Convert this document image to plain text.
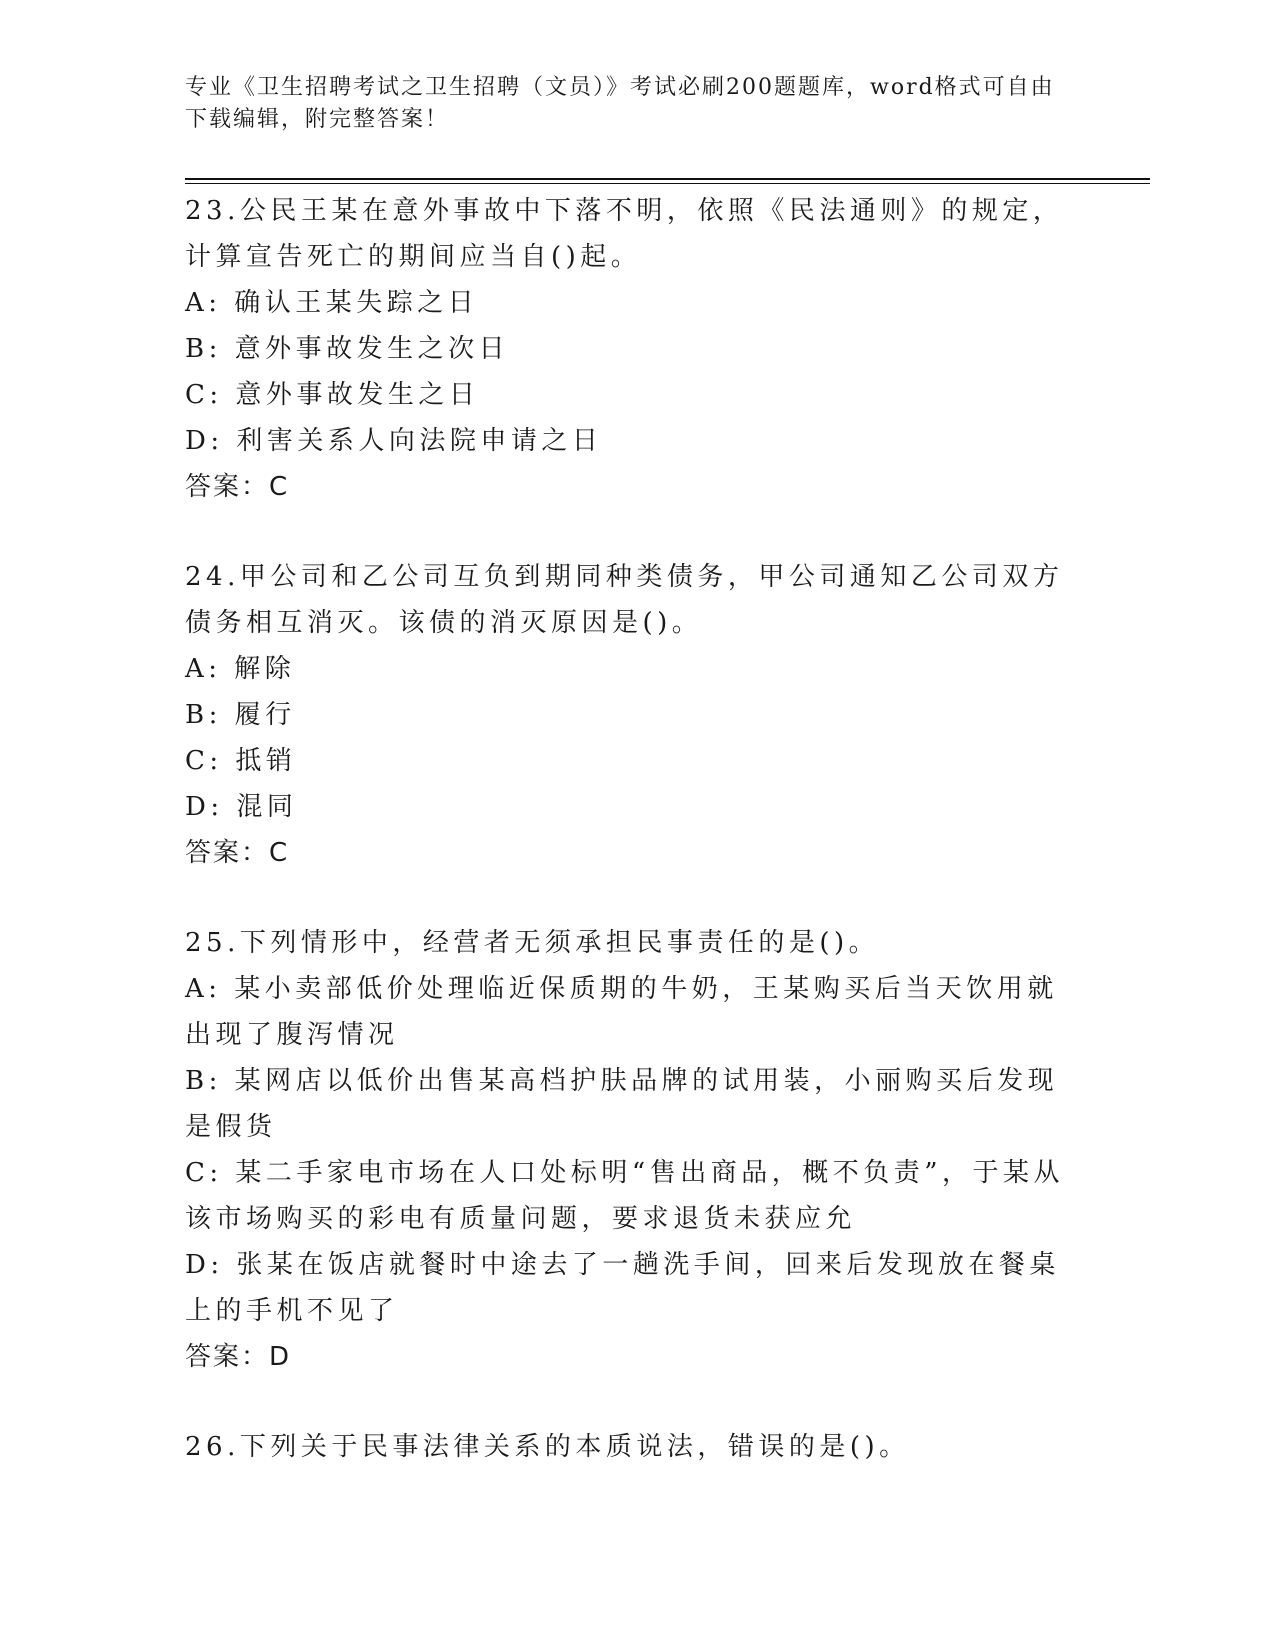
专业《卫生招聘考试之卫生招聘（文员）》考试必刷200题题库，word格式可自由下载编辑，附完整答案！
23.公民王某在意外事故中下落不明，依照《民法通则》的规定，计算宣告死亡的期间应当自()起。
A: 确认王某失踪之日
B: 意外事故发生之次日
C: 意外事故发生之日
D: 利害关系人向法院申请之日
答案：C
24.甲公司和乙公司互负到期同种类债务，甲公司通知乙公司双方债务相互消灭。该债的消灭原因是()。
A: 解除
B: 履行
C: 抵销
D: 混同
答案：C
25.下列情形中，经营者无须承担民事责任的是()。
A: 某小卖部低价处理临近保质期的牛奶，王某购买后当天饮用就出现了腹泻情况
B: 某网店以低价出售某高档护肤品牌的试用装，小丽购买后发现是假货
C: 某二手家电市场在人口处标明“售出商品，概不负责”，于某从该市场购买的彩电有质量问题，要求退货未获应允
D: 张某在饭店就餐时中途去了一趟洗手间，回来后发现放在餐桌上的手机不见了
答案：D
26.下列关于民事法律关系的本质说法，错误的是()。
